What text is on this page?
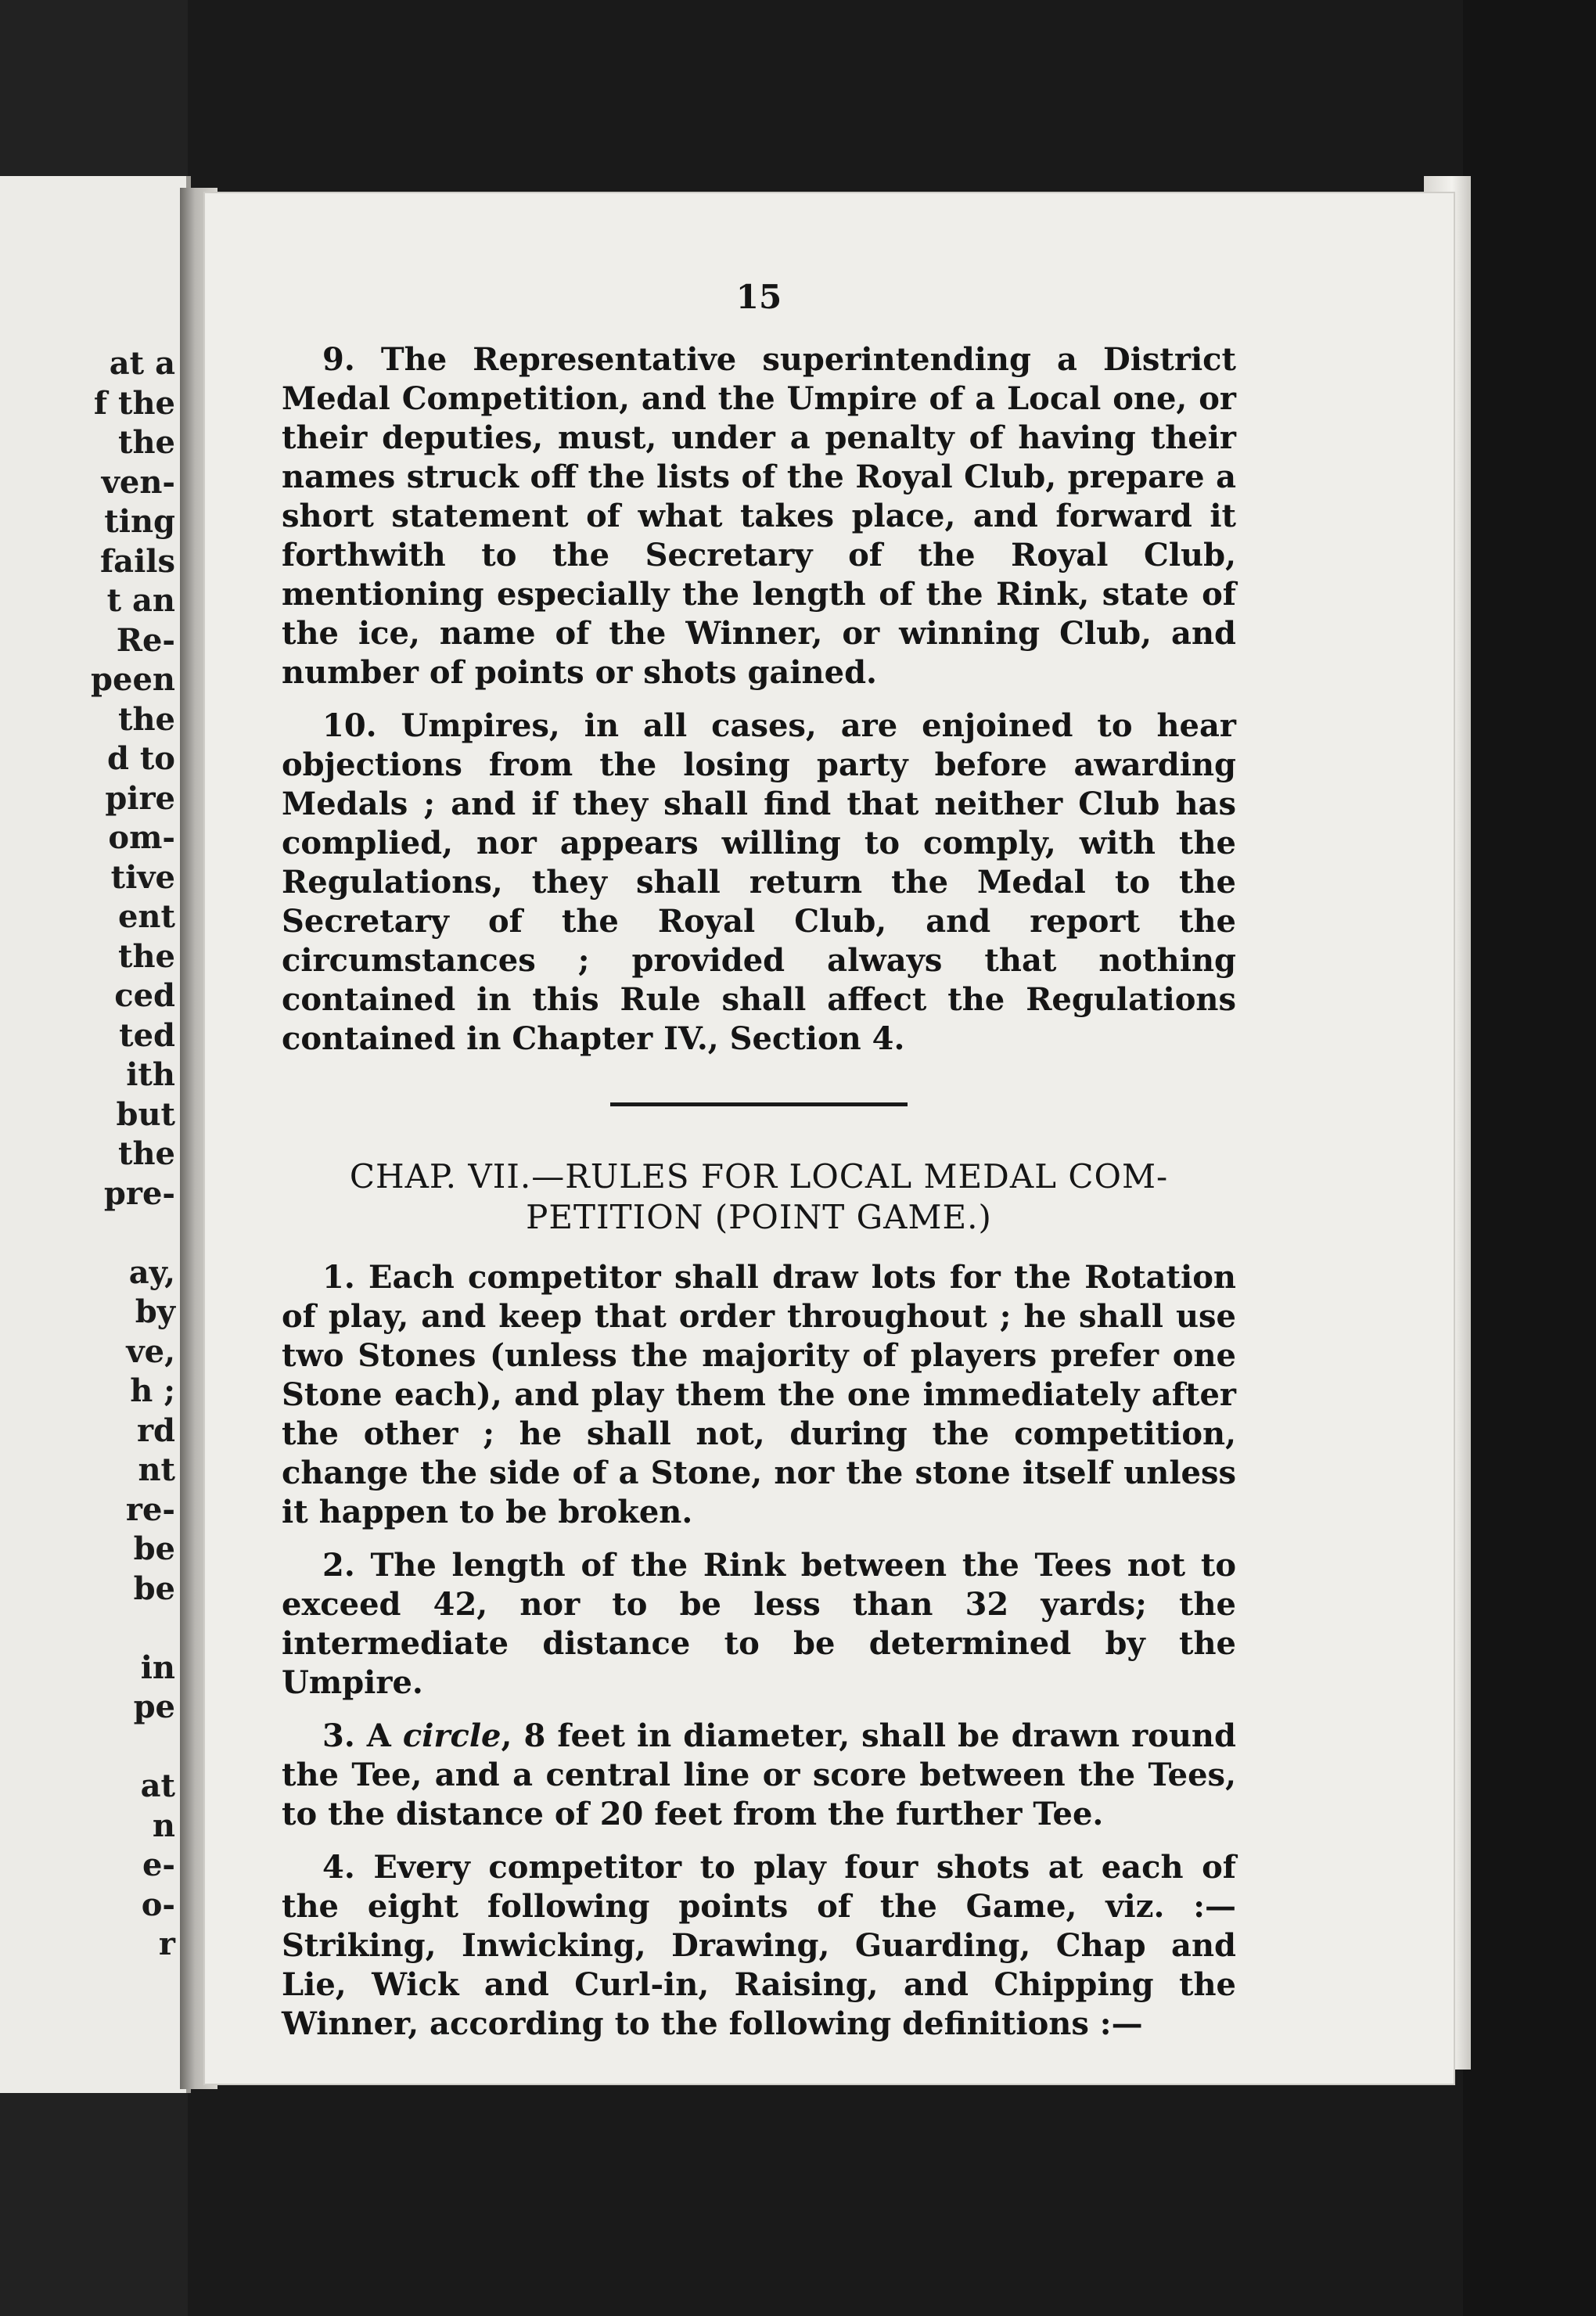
at a
f the
the
ven-
ting
fails
t an
Re-
peen
the
d to
pire
om-
tive
ent
the
ced
ted
ith
but
the
pre-

ay,
by
ve,
h ;
rd
nt
re-
be
be

in
pe

at
n
e-
o-
r
15

9. The Representative superintending a District Medal Competition, and the Umpire of a Local one, or their deputies, must, under a penalty of having their names struck off the lists of the Royal Club, prepare a short statement of what takes place, and forward it forthwith to the Secretary of the Royal Club, mentioning especially the length of the Rink, state of the ice, name of the Winner, or winning Club, and number of points or shots gained.

10. Umpires, in all cases, are enjoined to hear objections from the losing party before awarding Medals ; and if they shall find that neither Club has complied, nor appears willing to comply, with the Regulations, they shall return the Medal to the Secretary of the Royal Club, and report the circumstances ; provided always that nothing contained in this Rule shall affect the Regulations contained in Chapter IV., Section 4.

CHAP. VII.—RULES FOR LOCAL MEDAL COM-
PETITION (POINT GAME.)

1. Each competitor shall draw lots for the Rotation of play, and keep that order throughout ; he shall use two Stones (unless the majority of players prefer one Stone each), and play them the one immediately after the other ; he shall not, during the competition, change the side of a Stone, nor the stone itself unless it happen to be broken.

2. The length of the Rink between the Tees not to exceed 42, nor to be less than 32 yards; the intermediate distance to be determined by the Umpire.

3. A circle, 8 feet in diameter, shall be drawn round the Tee, and a central line or score between the Tees, to the distance of 20 feet from the further Tee.

4. Every competitor to play four shots at each of the eight following points of the Game, viz. :—Striking, Inwicking, Drawing, Guarding, Chap and Lie, Wick and Curl-in, Raising, and Chipping the Winner, according to the following definitions :—
